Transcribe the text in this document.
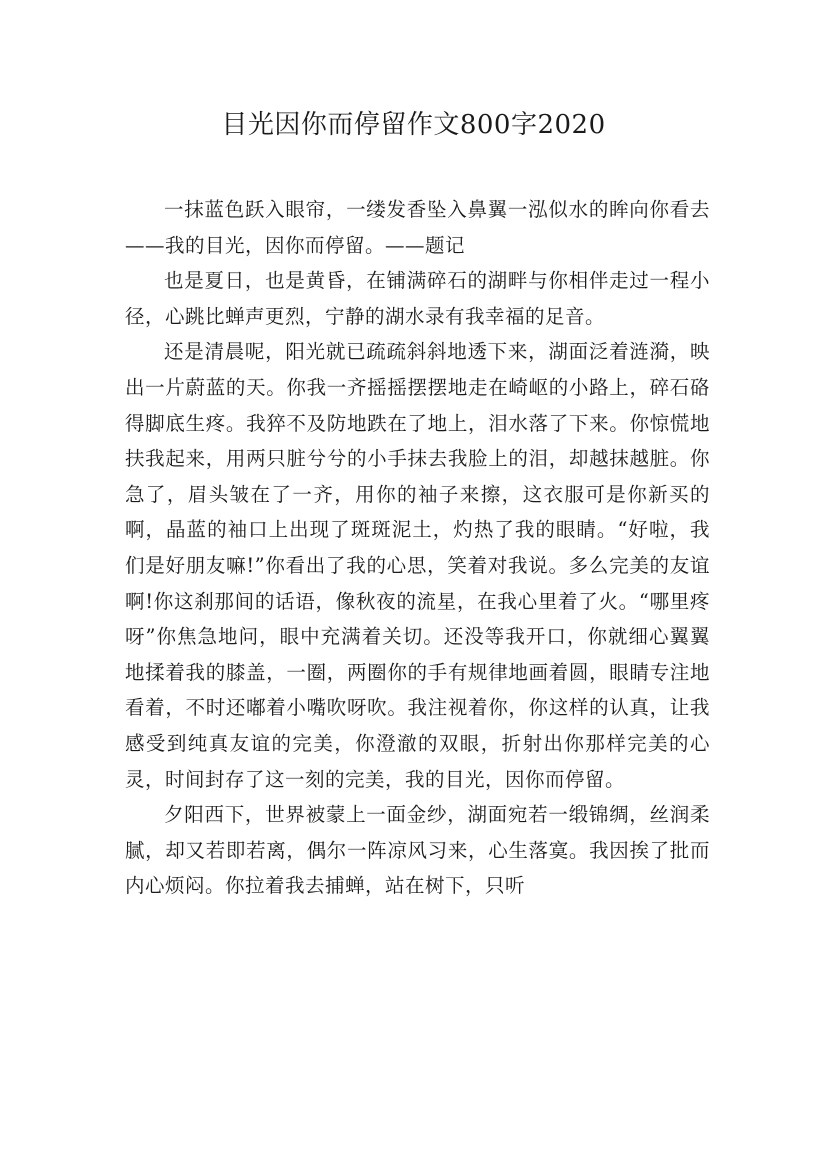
目光因你而停留作文800字2020

一抹蓝色跃入眼帘，一缕发香坠入鼻翼一泓似水的眸向你看去——我的目光，因你而停留。——题记

也是夏日，也是黄昏，在铺满碎石的湖畔与你相伴走过一程小径，心跳比蝉声更烈，宁静的湖水录有我幸福的足音。

还是清晨呢，阳光就已疏疏斜斜地透下来，湖面泛着涟漪，映出一片蔚蓝的天。你我一齐摇摇摆摆地走在崎岖的小路上，碎石硌得脚底生疼。我猝不及防地跌在了地上，泪水落了下来。你惊慌地扶我起来，用两只脏兮兮的小手抹去我脸上的泪，却越抹越脏。你急了，眉头皱在了一齐，用你的袖子来擦，这衣服可是你新买的啊，晶蓝的袖口上出现了斑斑泥土，灼热了我的眼睛。“好啦，我们是好朋友嘛!”你看出了我的心思，笑着对我说。多么完美的友谊啊!你这刹那间的话语，像秋夜的流星，在我心里着了火。“哪里疼呀”你焦急地问，眼中充满着关切。还没等我开口，你就细心翼翼地揉着我的膝盖，一圈，两圈你的手有规律地画着圆，眼睛专注地看着，不时还嘟着小嘴吹呀吹。我注视着你，你这样的认真，让我感受到纯真友谊的完美，你澄澈的双眼，折射出你那样完美的心灵，时间封存了这一刻的完美，我的目光，因你而停留。

夕阳西下，世界被蒙上一面金纱，湖面宛若一缎锦绸，丝润柔腻，却又若即若离，偶尔一阵凉风习来，心生落寞。我因挨了批而内心烦闷。你拉着我去捕蝉，站在树下，只听
